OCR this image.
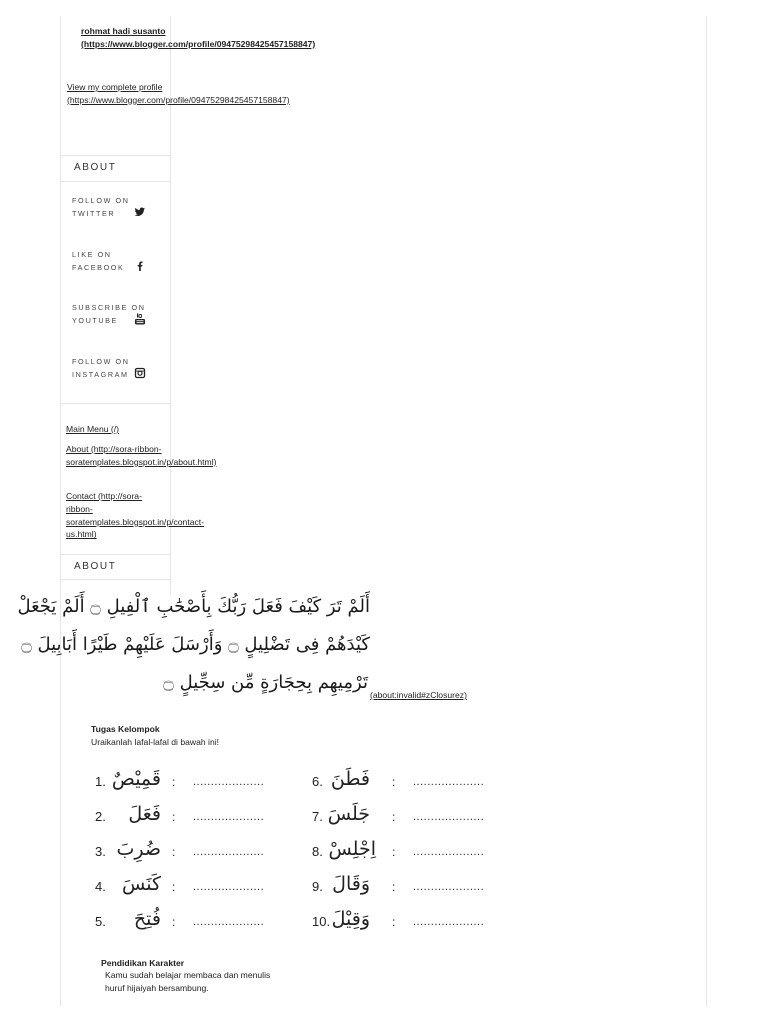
rohmat hadi susanto (https://www.blogger.com/profile/09475298425457158847)
View my complete profile (https://www.blogger.com/profile/09475298425457158847)
ABOUT
FOLLOW ON TWITTER
LIKE ON FACEBOOK
SUBSCRIBE ON YOUTUBE
FOLLOW ON INSTAGRAM
Main Menu (/)
About (http://sora-ribbon-soratemplates.blogspot.in/p/about.html)
Contact (http://sora-ribbon-soratemplates.blogspot.in/p/contact-us.html)
ABOUT
أَلَمْ تَرَ كَيْفَ فَعَلَ رَبُّكَ بِأَصْحَٰبِ ٱلْفِيلِ ۝ أَلَمْ يَجْعَلْ
كَيْدَهُمْ فِى تَضْلِيلٍ ۝ وَأَرْسَلَ عَلَيْهِمْ طَيْرًا أَبَابِيلَ ۝
تَرْمِيهِم بِحِجَارَةٍ مِّن سِجِّيلٍ ۝
(about:invalid#zClosurez)
Tugas Kelompok
Uraikanlah lafal-lafal di bawah ini!
1. قَمِيْصٌ
2. فَعَلَ
3. ضُرِبَ
4. كَنَسَ
5. فُتِحَ
:
:
:
:
:
....................
....................
....................
....................
....................
6. فَطَنَ
7. جَلَسَ
8. اِجْلِسْ
9. وَقَالَ
10. وَقِيْلَ
:
:
:
:
:
....................
....................
....................
....................
....................
Pendidikan Karakter
Kamu sudah belajar membaca dan menulis huruf hijaiyah bersambung.
